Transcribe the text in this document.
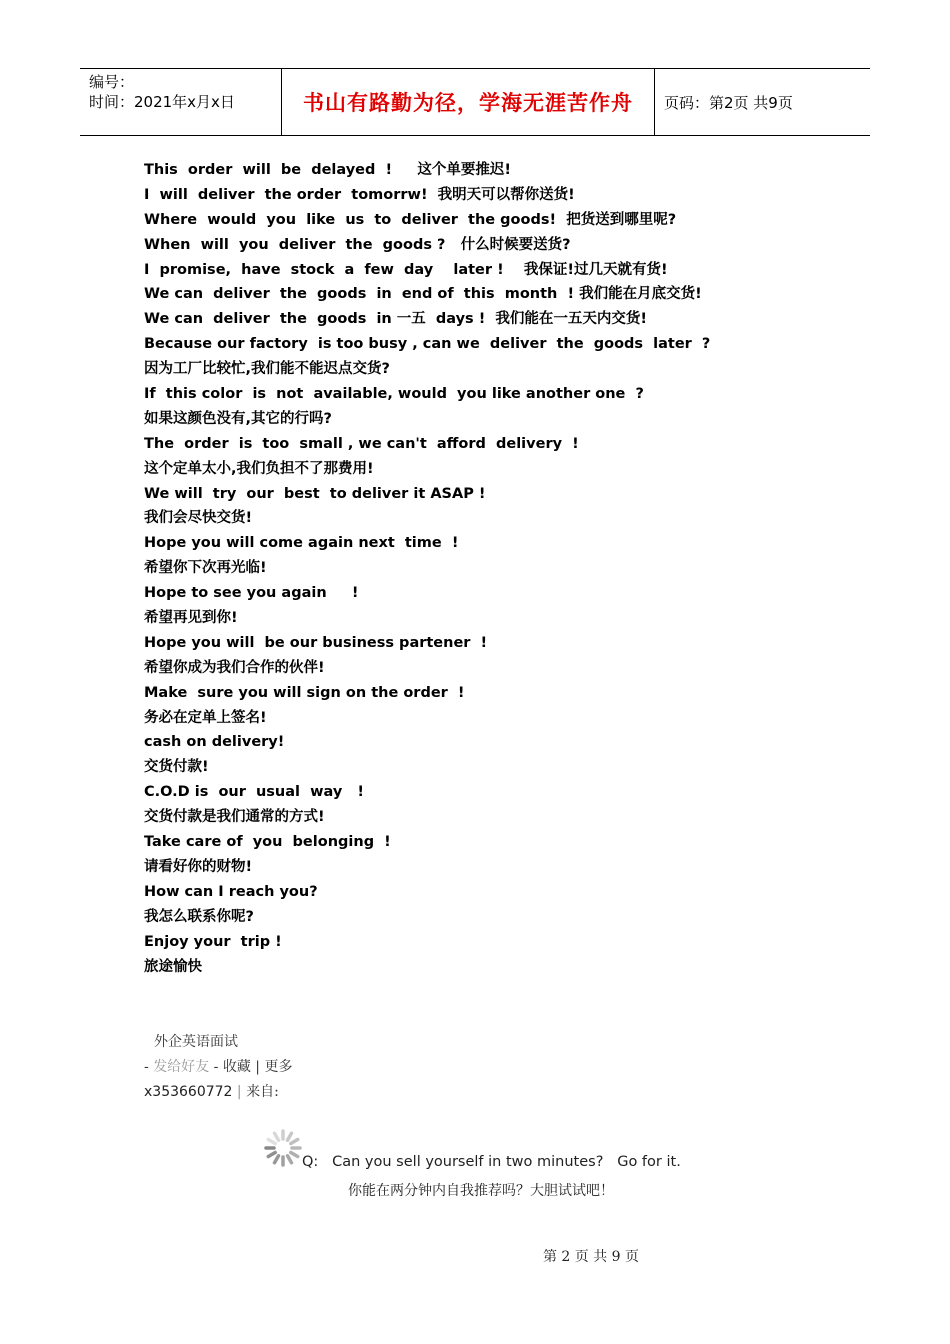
编号：
时间：2021年x月x日	书山有路勤为径，学海无涯苦作舟 页码：第2页 共9页
This  order  will  be  delayed  !     这个单要推迟!
I  will  deliver  the order  tomorrw!  我明天可以帮你送货!
Where  would  you  like  us  to  deliver  the goods!  把货送到哪里呢?
When  will  you  deliver  the  goods ?   什么时候要送货?
I  promise,  have  stock  a  few  day    later !    我保证!过几天就有货!
We can  deliver  the  goods  in  end of  this  month  ! 我们能在月底交货!
We can  deliver  the  goods  in 一五  days !  我们能在一五天内交货!
Because our factory  is too busy , can we  deliver  the  goods  later  ?
因为工厂比较忙,我们能不能迟点交货?
If  this color  is  not  available, would  you like another one  ?
如果这颜色没有,其它的行吗?
The  order  is  too  small , we can't  afford  delivery  !
这个定单太小,我们负担不了那费用!
We will  try  our  best  to deliver it ASAP !
我们会尽快交货!
Hope you will come again next  time  !
希望你下次再光临!
Hope to see you again     !
希望再见到你!
Hope you will  be our business partener  !
希望你成为我们合作的伙伴!
Make  sure you will sign on the order  !
务必在定单上签名!
cash on delivery!
交货付款!
C.O.D is  our  usual  way   !
交货付款是我们通常的方式!
Take care of  you  belonging  !
请看好你的财物!
How can I reach you?
我怎么联系你呢?
Enjoy your  trip !
旅途愉快
外企英语面试
- 发给好友 - 收藏 | 更多
x353660772 | 来自:
Q:   Can you sell yourself in two minutes?   Go for it.
你能在两分钟内自我推荐吗？大胆试试吧！
第 2 页 共 9 页
